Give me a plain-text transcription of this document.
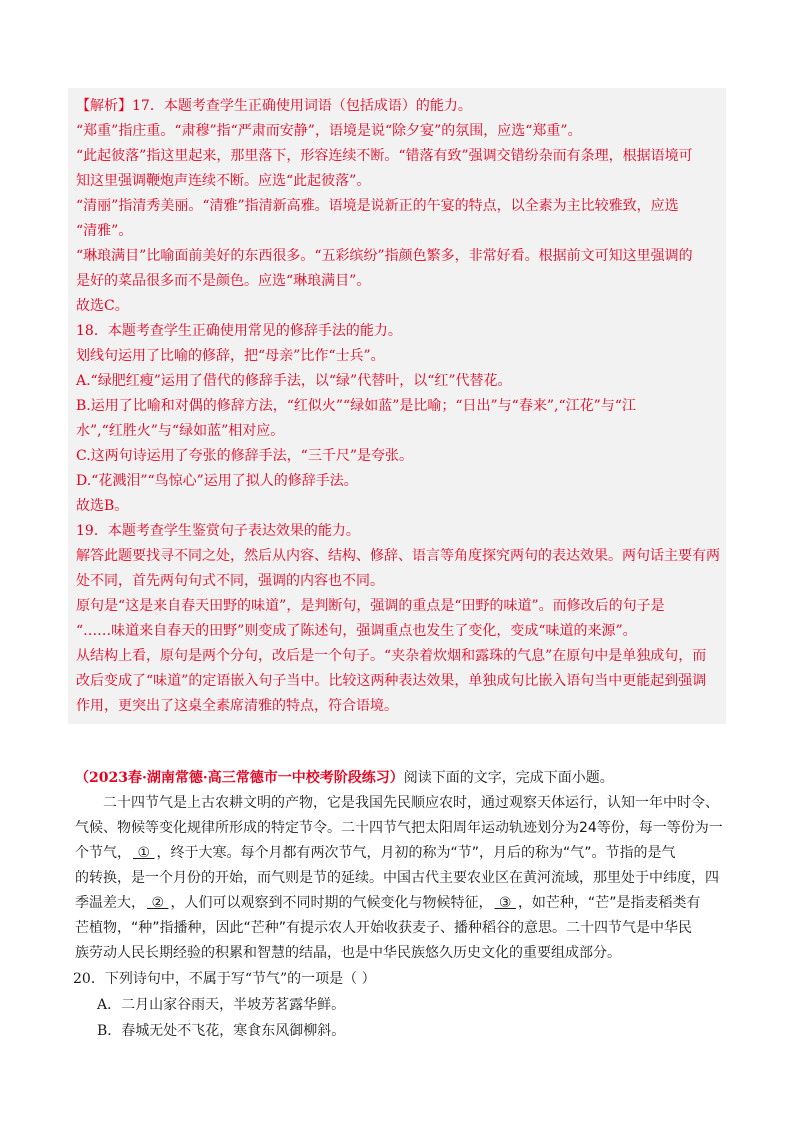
【解析】17．本题考查学生正确使用词语（包括成语）的能力。
“郑重”指庄重。“肃穆”指“严肃而安静”，语境是说“除夕宴”的氛围，应选“郑重”。
“此起彼落”指这里起来，那里落下，形容连续不断。“错落有致”强调交错纷杂而有条理，根据语境可
知这里强调鞭炮声连续不断。应选“此起彼落”。
“清丽”指清秀美丽。“清雅”指清新高雅。语境是说新正的午宴的特点，以全素为主比较雅致，应选
“清雅”。
“琳琅满目”比喻面前美好的东西很多。“五彩缤纷”指颜色繁多，非常好看。根据前文可知这里强调的
是好的菜品很多而不是颜色。应选“琳琅满目”。
故选C。
18．本题考查学生正确使用常见的修辞手法的能力。
划线句运用了比喻的修辞，把“母亲”比作“士兵”。
A.“绿肥红瘦”运用了借代的修辞手法，以“绿”代替叶，以“红”代替花。
B.运用了比喻和对偶的修辞方法，“红似火”“绿如蓝”是比喻；“日出”与“春来”,“江花”与“江
水”,“红胜火”与“绿如蓝”相对应。
C.这两句诗运用了夸张的修辞手法，“三千尺”是夸张。
D.“花溅泪”“鸟惊心”运用了拟人的修辞手法。
故选B。
19．本题考查学生鉴赏句子表达效果的能力。
解答此题要找寻不同之处，然后从内容、结构、修辞、语言等角度探究两句的表达效果。两句话主要有两
处不同，首先两句句式不同，强调的内容也不同。
原句是“这是来自春天田野的味道”，是判断句，强调的重点是“田野的味道”。而修改后的句子是
“……味道来自春天的田野”则变成了陈述句，强调重点也发生了变化，变成“味道的来源”。
从结构上看，原句是两个分句，改后是一个句子。“夹杂着炊烟和露珠的气息”在原句中是单独成句，而
改后变成了“味道”的定语嵌入句子当中。比较这两种表达效果，单独成句比嵌入语句当中更能起到强调
作用，更突出了这桌全素席清雅的特点，符合语境。
（2023春·湖南常德·高三常德市一中校考阶段练习）阅读下面的文字，完成下面小题。
二十四节气是上古农耕文明的产物，它是我国先民顺应农时，通过观察天体运行，认知一年中时令、
气候、物候等变化规律所形成的特定节令。二十四节气把太阳周年运动轨迹划分为24等份，每一等份为一
个节气， ① ，终于大寒。每个月都有两次节气，月初的称为“节”，月后的称为“气”。节指的是气
的转换，是一个月份的开始，而气则是节的延续。中国古代主要农业区在黄河流域，那里处于中纬度，四
季温差大， ② ，人们可以观察到不同时期的气候变化与物候特征， ③ ，如芒种，“芒”是指麦稻类有
芒植物，“种”指播种，因此“芒种”有提示农人开始收获麦子、播种稻谷的意思。二十四节气是中华民
族劳动人民长期经验的积累和智慧的结晶，也是中华民族悠久历史文化的重要组成部分。
20．下列诗句中，不属于写“节气”的一项是（ ）
A．二月山家谷雨天，半坡芳茗露华鲜。
B．春城无处不飞花，寒食东风御柳斜。
